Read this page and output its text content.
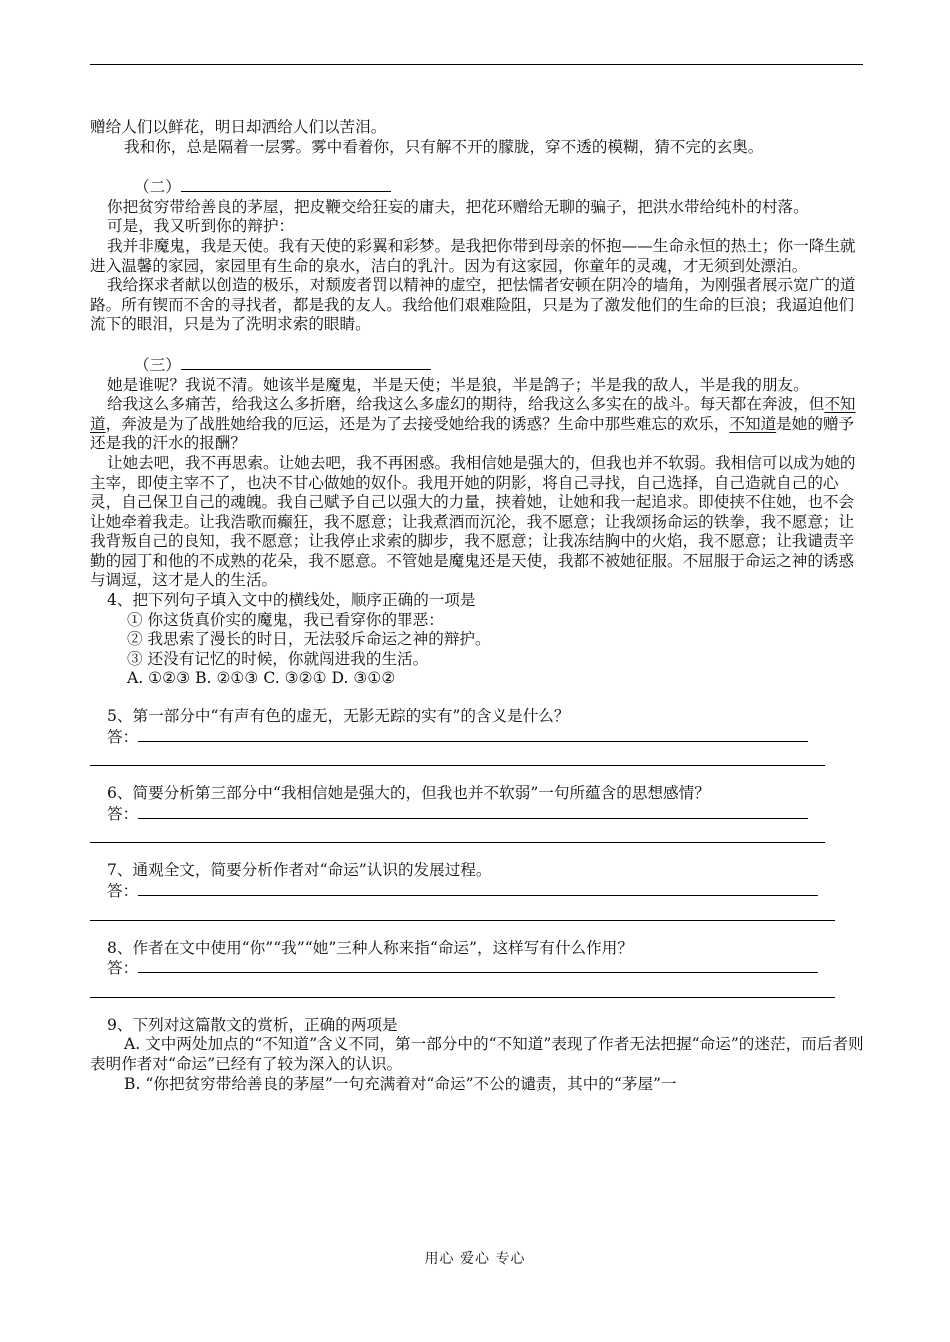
赠给人们以鲜花，明日却洒给人们以苦泪。

我和你，总是隔着一层雾。雾中看着你，只有解不开的朦胧，穿不透的模糊，猜不完的玄奥。

（二）

你把贫穷带给善良的茅屋，把皮鞭交给狂妄的庸夫，把花环赠给无聊的骗子，把洪水带给纯朴的村落。

可是，我又听到你的辩护：

我并非魔鬼，我是天使。我有天使的彩翼和彩梦。是我把你带到母亲的怀抱——生命永恒的热土；你一降生就进入温馨的家园，家园里有生命的泉水，洁白的乳汁。因为有这家园，你童年的灵魂，才无须到处漂泊。

我给探求者献以创造的极乐，对颓废者罚以精神的虚空，把怯懦者安顿在阴冷的墙角，为刚强者展示宽广的道路。所有锲而不舍的寻找者，都是我的友人。我给他们艰难险阻，只是为了激发他们的生命的巨浪；我逼迫他们流下的眼泪，只是为了洗明求索的眼睛。

（三）

她是谁呢？我说不清。她该半是魔鬼，半是天使；半是狼，半是鸽子；半是我的敌人，半是我的朋友。

给我这么多痛苦，给我这么多折磨，给我这么多虚幻的期待，给我这么多实在的战斗。每天都在奔波，但不知道，奔波是为了战胜她给我的厄运，还是为了去接受她给我的诱惑？生命中那些难忘的欢乐，不知道是她的赠予还是我的汗水的报酬？

让她去吧，我不再思索。让她去吧，我不再困惑。我相信她是强大的，但我也并不软弱。我相信可以成为她的主宰，即使主宰不了，也决不甘心做她的奴仆。我甩开她的阴影，将自己寻找，自己选择，自己造就自己的心灵，自己保卫自己的魂魄。我自己赋予自己以强大的力量，挟着她，让她和我一起追求。即使挟不住她，也不会让她牵着我走。让我浩歌而癫狂，我不愿意；让我煮酒而沉沦，我不愿意；让我颂扬命运的铁拳，我不愿意；让我背叛自己的良知，我不愿意；让我停止求索的脚步，我不愿意；让我冻结胸中的火焰，我不愿意；让我谴责辛勤的园丁和他的不成熟的花朵，我不愿意。不管她是魔鬼还是天使，我都不被她征服。不屈服于命运之神的诱惑与调逗，这才是人的生活。

4、把下列句子填入文中的横线处，顺序正确的一项是

① 你这货真价实的魔鬼，我已看穿你的罪恶：

② 我思索了漫长的时日，无法驳斥命运之神的辩护。

③ 还没有记忆的时候，你就闯进我的生活。

A. ①②③ B. ②①③ C. ③②① D. ③①②

5、第一部分中“有声有色的虚无，无影无踪的实有”的含义是什么？

答：

6、简要分析第三部分中“我相信她是强大的，但我也并不软弱”一句所蕴含的思想感情？

答：

7、通观全文，简要分析作者对“命运”认识的发展过程。

答：

8、作者在文中使用“你”“我”“她”三种人称来指“命运”，这样写有什么作用？

答：

9、下列对这篇散文的赏析，正确的两项是

A. 文中两处加点的“不知道”含义不同，第一部分中的“不知道”表现了作者无法把握“命运”的迷茫，而后者则表明作者对“命运”已经有了较为深入的认识。

B. “你把贫穷带给善良的茅屋”一句充满着对“命运”不公的谴责，其中的“茅屋”一

用心 爱心 专心
